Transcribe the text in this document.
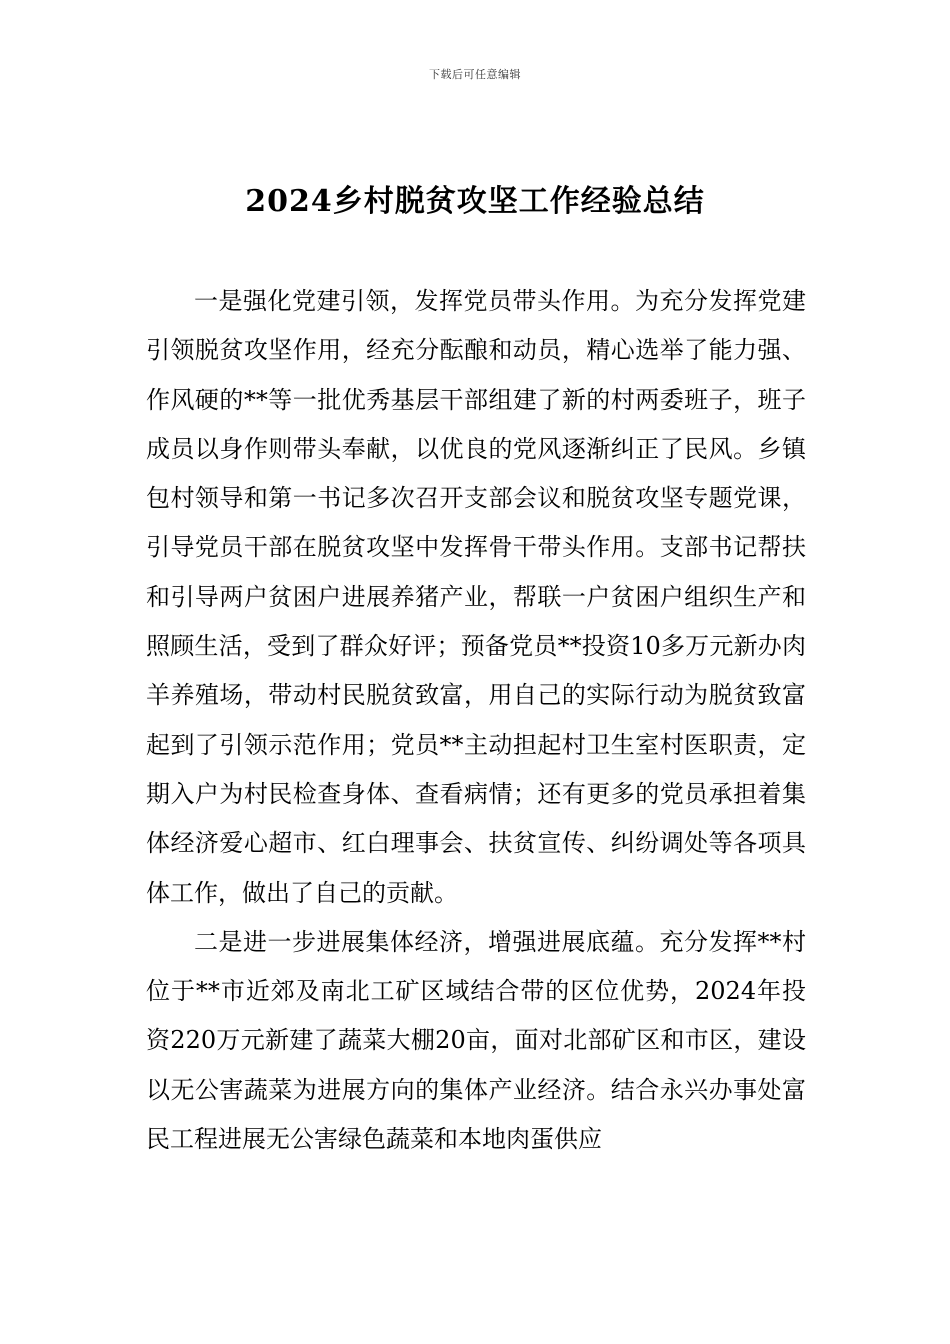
下载后可任意编辑
2024乡村脱贫攻坚工作经验总结

一是强化党建引领，发挥党员带头作用。为充分发挥党建引领脱贫攻坚作用，经充分酝酿和动员，精心选举了能力强、作风硬的**等一批优秀基层干部组建了新的村两委班子，班子成员以身作则带头奉献，以优良的党风逐渐纠正了民风。乡镇包村领导和第一书记多次召开支部会议和脱贫攻坚专题党课，引导党员干部在脱贫攻坚中发挥骨干带头作用。支部书记帮扶和引导两户贫困户进展养猪产业，帮联一户贫困户组织生产和照顾生活，受到了群众好评；预备党员**投资10多万元新办肉羊养殖场，带动村民脱贫致富，用自己的实际行动为脱贫致富起到了引领示范作用；党员**主动担起村卫生室村医职责，定期入户为村民检查身体、查看病情；还有更多的党员承担着集体经济爱心超市、红白理事会、扶贫宣传、纠纷调处等各项具体工作，做出了自己的贡献。

二是进一步进展集体经济，增强进展底蕴。充分发挥**村位于**市近郊及南北工矿区域结合带的区位优势，2024年投资220万元新建了蔬菜大棚20亩，面对北部矿区和市区，建设以无公害蔬菜为进展方向的集体产业经济。结合永兴办事处富民工程进展无公害绿色蔬菜和本地肉蛋供应
